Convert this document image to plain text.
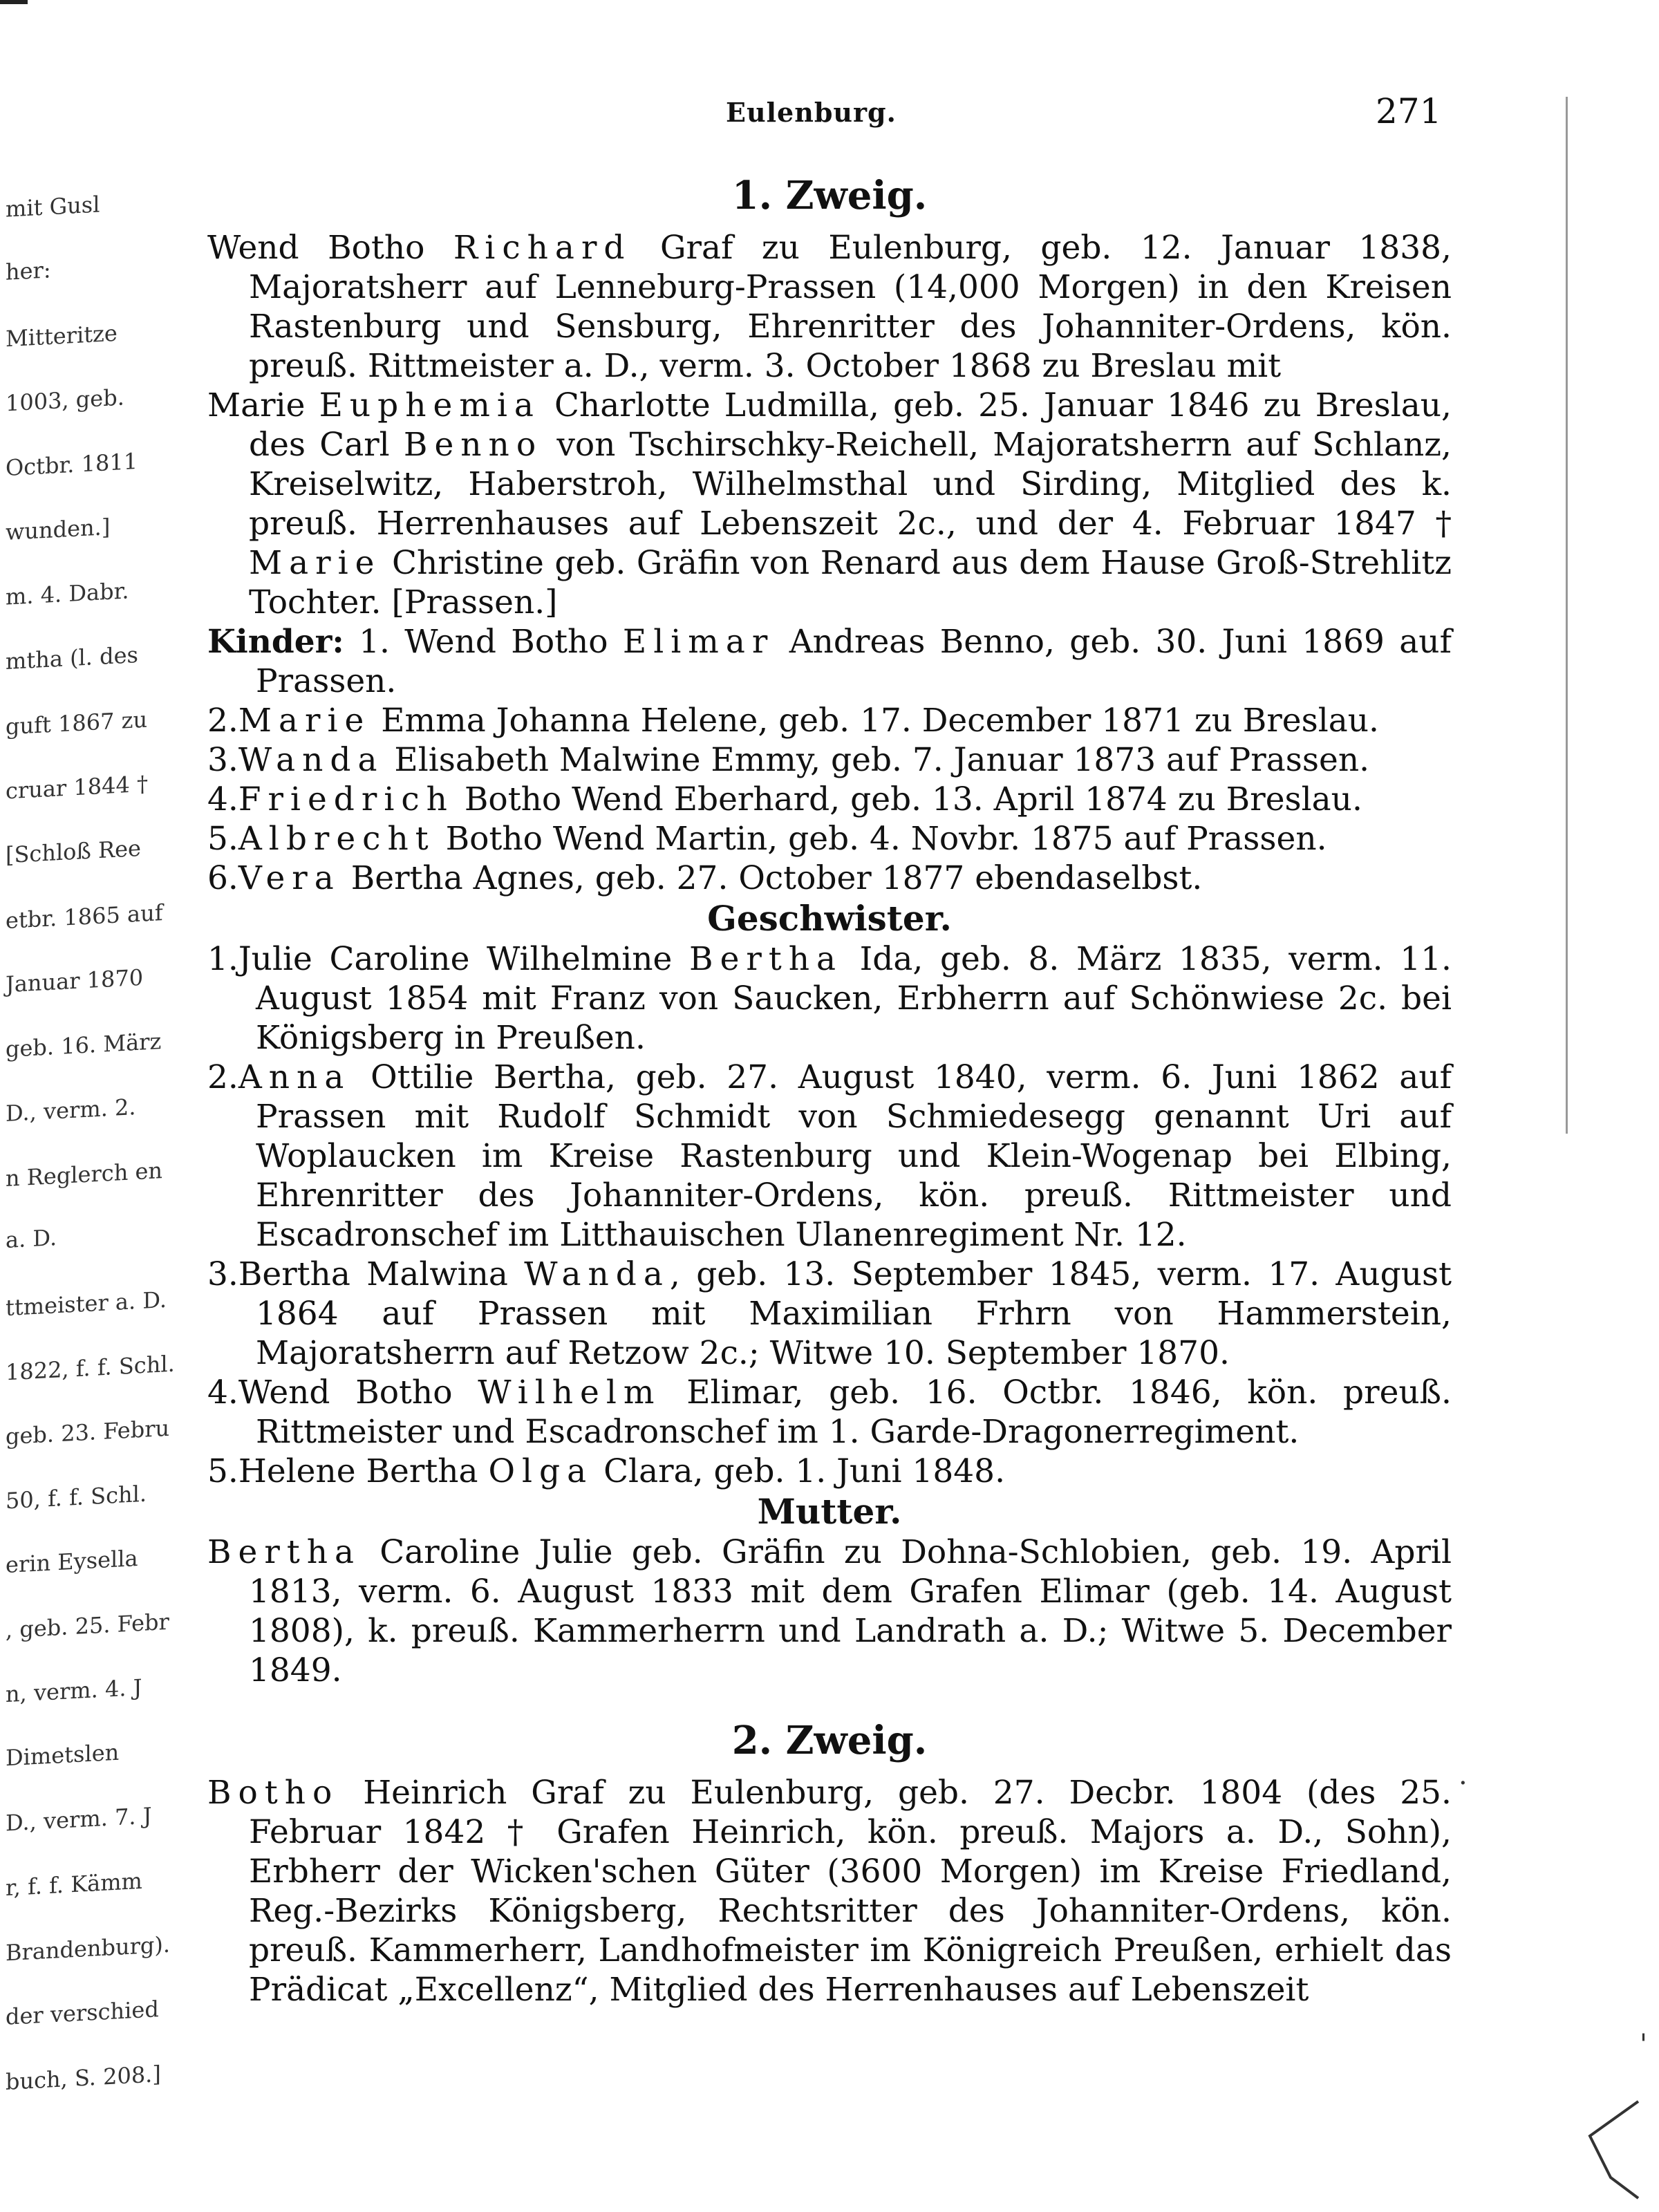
mit Gusl
her:
Mitteritze
1003, geb.
Octbr. 1811
wunden.]
m. 4. Dabr.
mtha (l. des
guft 1867 zu
cruar 1844 †
[Schloß Ree
etbr. 1865 auf
Januar 1870
geb. 16. März
D., verm. 2.
n Reglerch en
a. D.
ttmeister a. D.
1822, f. f. Schl.
geb. 23. Febru
50, f. f. Schl.
erin Eysella
, geb. 25. Febr
n, verm. 4. J
Dimetslen
D., verm. 7. J
r, f. f. Kämm
Brandenburg).
der verschied
buch, S. 208.]
Eulenburg.	271

1. Zweig.

Wend Botho Richard Graf zu Eulenburg, geb. 12. Januar 1838, Majoratsherr auf Lenneburg-Prassen (14,000 Morgen) in den Kreisen Rastenburg und Sensburg, Ehrenritter des Johanniter-Ordens, kön. preuß. Rittmeister a. D., verm. 3. October 1868 zu Breslau mit

Marie Euphemia Charlotte Ludmilla, geb. 25. Januar 1846 zu Breslau, des Carl Benno von Tschirschky-Reichell, Majoratsherrn auf Schlanz, Kreiselwitz, Haberstroh, Wilhelmsthal und Sirding, Mitglied des k. preuß. Herrenhauses auf Lebenszeit 2c., und der 4. Februar 1847 † Marie Christine geb. Gräfin von Renard aus dem Hause Groß-Strehlitz Tochter. [Prassen.]

Kinder: 1. Wend Botho Elimar Andreas Benno, geb. 30. Juni 1869 auf Prassen.

2.Marie Emma Johanna Helene, geb. 17. December 1871 zu Breslau.

3.Wanda Elisabeth Malwine Emmy, geb. 7. Januar 1873 auf Prassen.

4.Friedrich Botho Wend Eberhard, geb. 13. April 1874 zu Breslau.

5.Albrecht Botho Wend Martin, geb. 4. Novbr. 1875 auf Prassen.

6.Vera Bertha Agnes, geb. 27. October 1877 ebendaselbst.

Geschwister.

1.Julie Caroline Wilhelmine Bertha Ida, geb. 8. März 1835, verm. 11. August 1854 mit Franz von Saucken, Erbherrn auf Schönwiese 2c. bei Königsberg in Preußen.

2.Anna Ottilie Bertha, geb. 27. August 1840, verm. 6. Juni 1862 auf Prassen mit Rudolf Schmidt von Schmiedesegg genannt Uri auf Woplaucken im Kreise Rastenburg und Klein-Wogenap bei Elbing, Ehrenritter des Johanniter-Ordens, kön. preuß. Rittmeister und Escadronschef im Litthauischen Ulanenregiment Nr. 12.

3.Bertha Malwina Wanda, geb. 13. September 1845, verm. 17. August 1864 auf Prassen mit Maximilian Frhrn von Hammerstein, Majoratsherrn auf Retzow 2c.; Witwe 10. September 1870.

4.Wend Botho Wilhelm Elimar, geb. 16. Octbr. 1846, kön. preuß. Rittmeister und Escadronschef im 1. Garde-Dragonerregiment.

5.Helene Bertha Olga Clara, geb. 1. Juni 1848.

Mutter.

Bertha Caroline Julie geb. Gräfin zu Dohna-Schlobien, geb. 19. April 1813, verm. 6. August 1833 mit dem Grafen Elimar (geb. 14. August 1808), k. preuß. Kammerherrn und Landrath a. D.; Witwe 5. December 1849.

2. Zweig.

Botho Heinrich Graf zu Eulenburg, geb. 27. Decbr. 1804 (des 25. Februar 1842 † Grafen Heinrich, kön. preuß. Majors a. D., Sohn), Erbherr der Wicken'schen Güter (3600 Morgen) im Kreise Friedland, Reg.-Bezirks Königsberg, Rechtsritter des Johanniter-Ordens, kön. preuß. Kammerherr, Landhofmeister im Königreich Preußen, erhielt das Prädicat „Excellenz“, Mitglied des Herrenhauses auf Lebenszeit

.
'
